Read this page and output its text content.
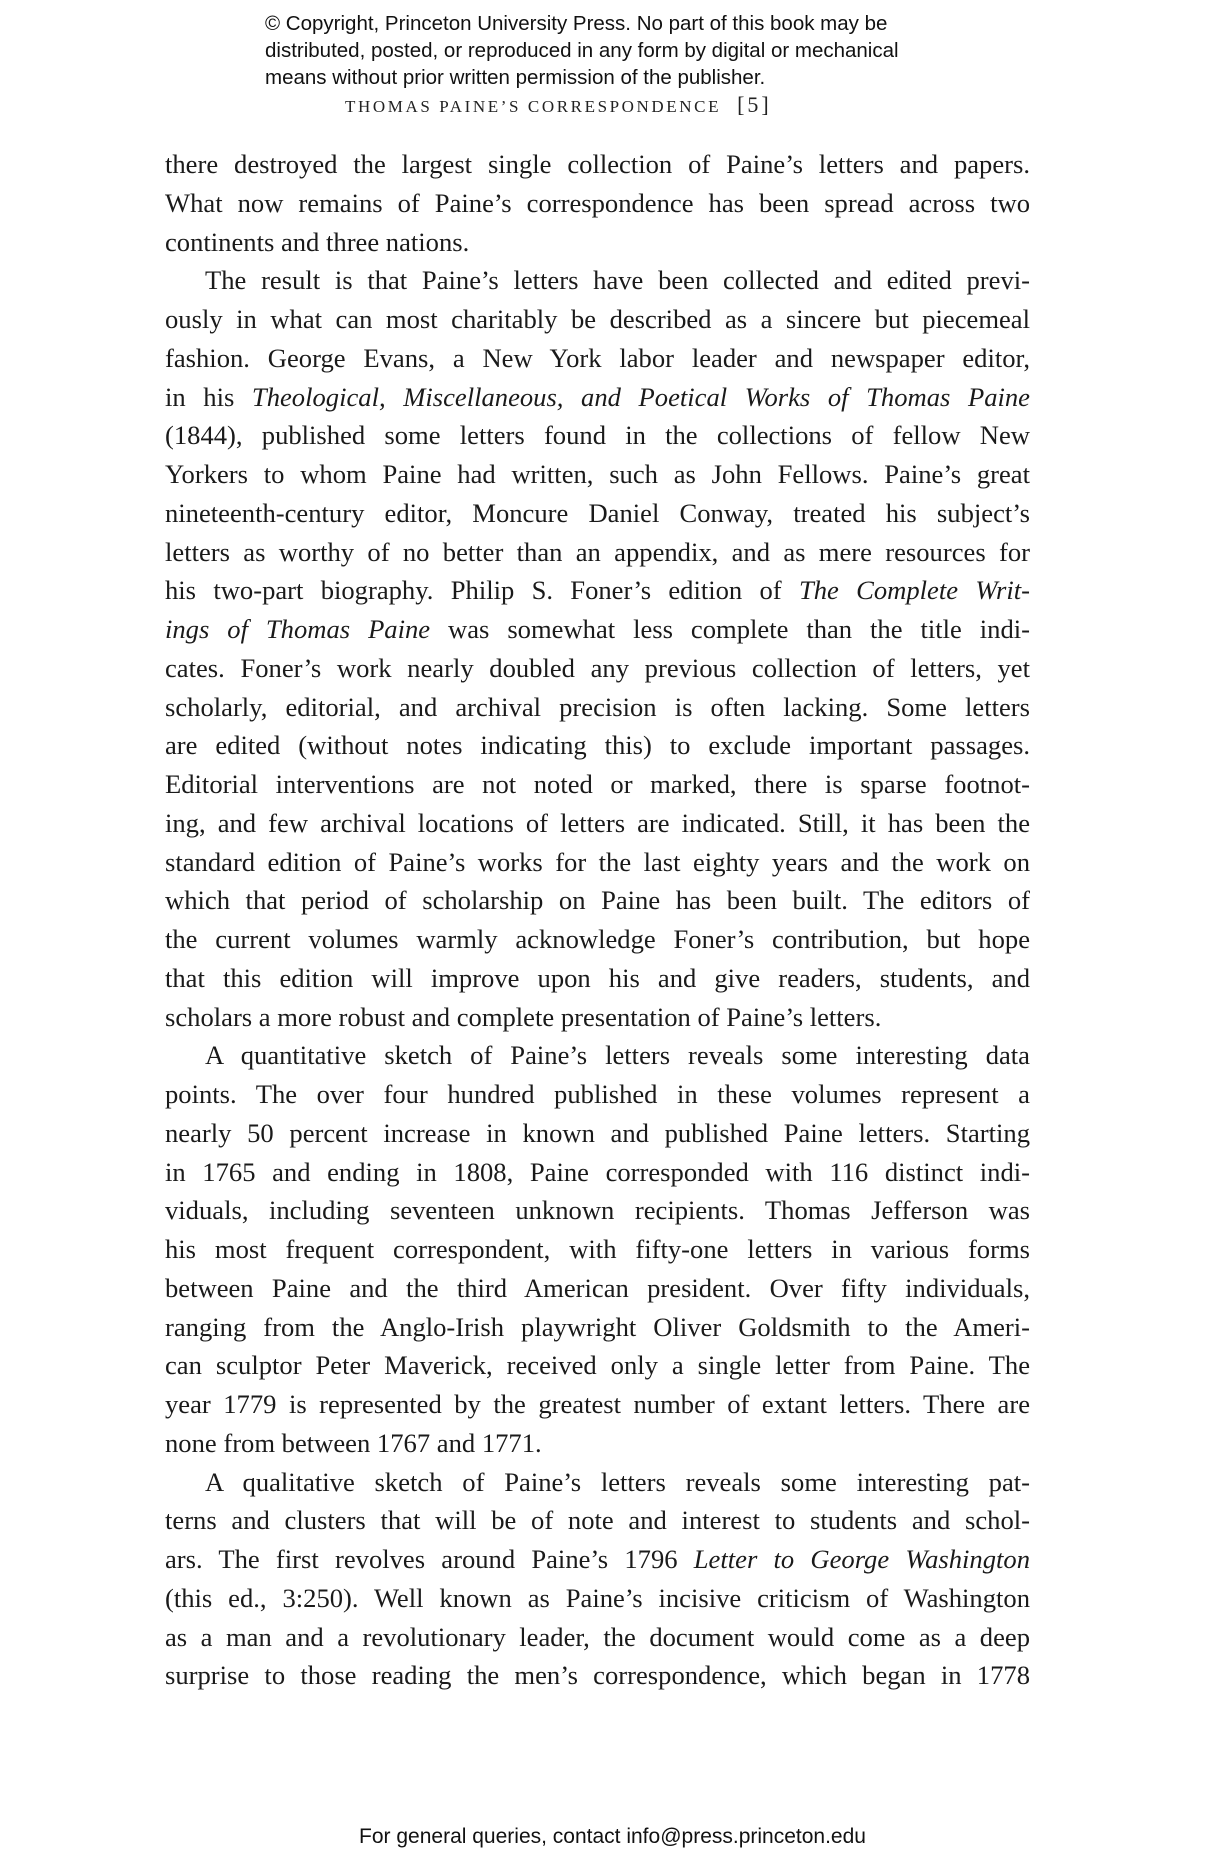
© Copyright, Princeton University Press. No part of this book may be
distributed, posted, or reproduced in any form by digital or mechanical
means without prior written permission of the publisher.
THOMAS PAINE’S CORRESPONDENCE [5]
there destroyed the largest single collection of Paine’s letters and papers.
What now remains of Paine’s correspondence has been spread across two
continents and three nations.
The result is that Paine’s letters have been collected and edited previ-
ously in what can most charitably be described as a sincere but piecemeal
fashion. George Evans, a New York labor leader and newspaper editor,
in his Theological, Miscellaneous, and Poetical Works of Thomas Paine
(1844), published some letters found in the collections of fellow New
Yorkers to whom Paine had written, such as John Fellows. Paine’s great
nineteenth-century editor, Moncure Daniel Conway, treated his subject’s
letters as worthy of no better than an appendix, and as mere resources for
his two-part biography. Philip S. Foner’s edition of The Complete Writ-
ings of Thomas Paine was somewhat less complete than the title indi-
cates. Foner’s work nearly doubled any previous collection of letters, yet
scholarly, editorial, and archival precision is often lacking. Some letters
are edited (without notes indicating this) to exclude important passages.
Editorial interventions are not noted or marked, there is sparse footnot-
ing, and few archival locations of letters are indicated. Still, it has been the
standard edition of Paine’s works for the last eighty years and the work on
which that period of scholarship on Paine has been built. The editors of
the current volumes warmly acknowledge Foner’s contribution, but hope
that this edition will improve upon his and give readers, students, and
scholars a more robust and complete presentation of Paine’s letters.
A quantitative sketch of Paine’s letters reveals some interesting data
points. The over four hundred published in these volumes represent a
nearly 50 percent increase in known and published Paine letters. Starting
in 1765 and ending in 1808, Paine corresponded with 116 distinct indi-
viduals, including seventeen unknown recipients. Thomas Jefferson was
his most frequent correspondent, with fifty-one letters in various forms
between Paine and the third American president. Over fifty individuals,
ranging from the Anglo-Irish playwright Oliver Goldsmith to the Ameri-
can sculptor Peter Maverick, received only a single letter from Paine. The
year 1779 is represented by the greatest number of extant letters. There are
none from between 1767 and 1771.
A qualitative sketch of Paine’s letters reveals some interesting pat-
terns and clusters that will be of note and interest to students and schol-
ars. The first revolves around Paine’s 1796 Letter to George Washington
(this ed., 3:250). Well known as Paine’s incisive criticism of Washington
as a man and a revolutionary leader, the document would come as a deep
surprise to those reading the men’s correspondence, which began in 1778
For general queries, contact info@press.princeton.edu
